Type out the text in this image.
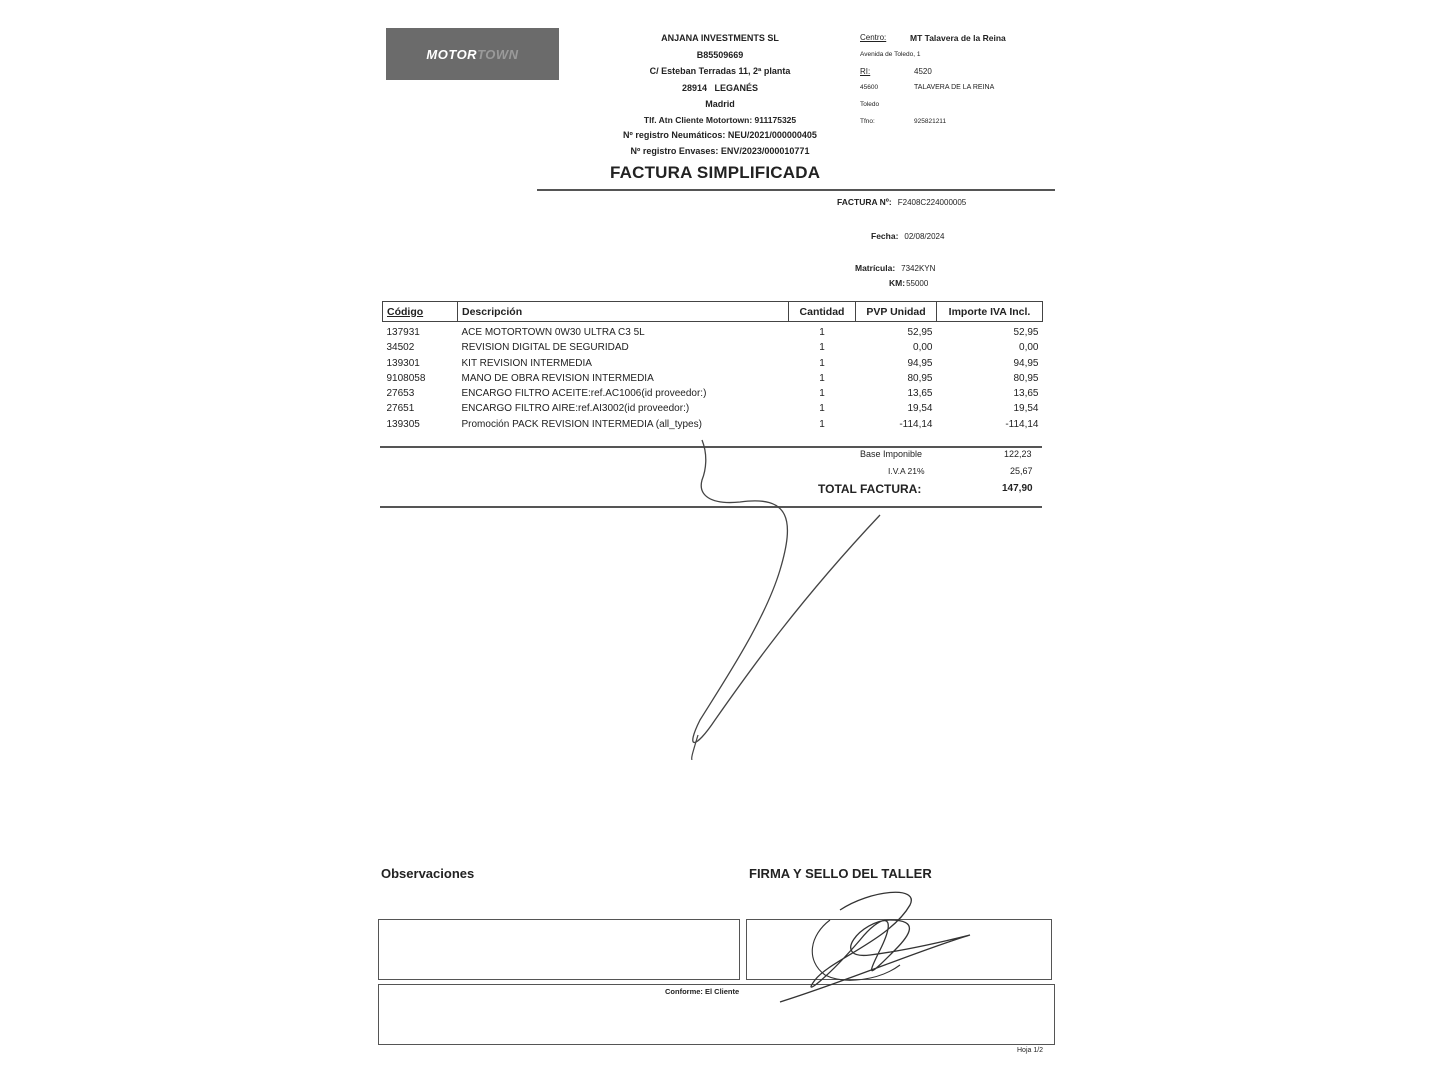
MOTOR TOWN
ANJANA INVESTMENTS SL
B85509669
C/ Esteban Terradas 11, 2ª planta
28914   LEGANÉS
Madrid
Tlf. Atn Cliente Motortown: 911175325
Nº registro Neumáticos: NEU/2021/000000405
Nº registro Envases: ENV/2023/000010771
Centro:	MT Talavera de la Reina
Avenida de Toledo, 1
RI:	4520
45600	TALAVERA DE LA REINA
Toledo
Tfno:	925821211
FACTURA SIMPLIFICADA
FACTURA Nº: F2408C224000005
Fecha: 02/08/2024
Matrícula: 7342KYN
KM:55000
Código	Descripción	Cantidad	PVP Unidad	Importe IVA Incl.
137931	ACE MOTORTOWN 0W30 ULTRA C3 5L	1	52,95	52,95
34502	REVISION DIGITAL DE SEGURIDAD	1	0,00	0,00
139301	KIT REVISION INTERMEDIA	1	94,95	94,95
9108058	MANO DE OBRA REVISION INTERMEDIA	1	80,95	80,95
27653	ENCARGO FILTRO ACEITE:ref.AC1006(id proveedor:)	1	13,65	13,65
27651	ENCARGO FILTRO AIRE:ref.AI3002(id proveedor:)	1	19,54	19,54
139305	Promoción PACK REVISION INTERMEDIA (all_types)	1	-114,14	-114,14
Base Imponible	122,23
I.V.A 21%	25,67
TOTAL FACTURA:	147,90
Observaciones	FIRMA Y SELLO DEL TALLER
Conforme: El Cliente
Hoja 1/2
